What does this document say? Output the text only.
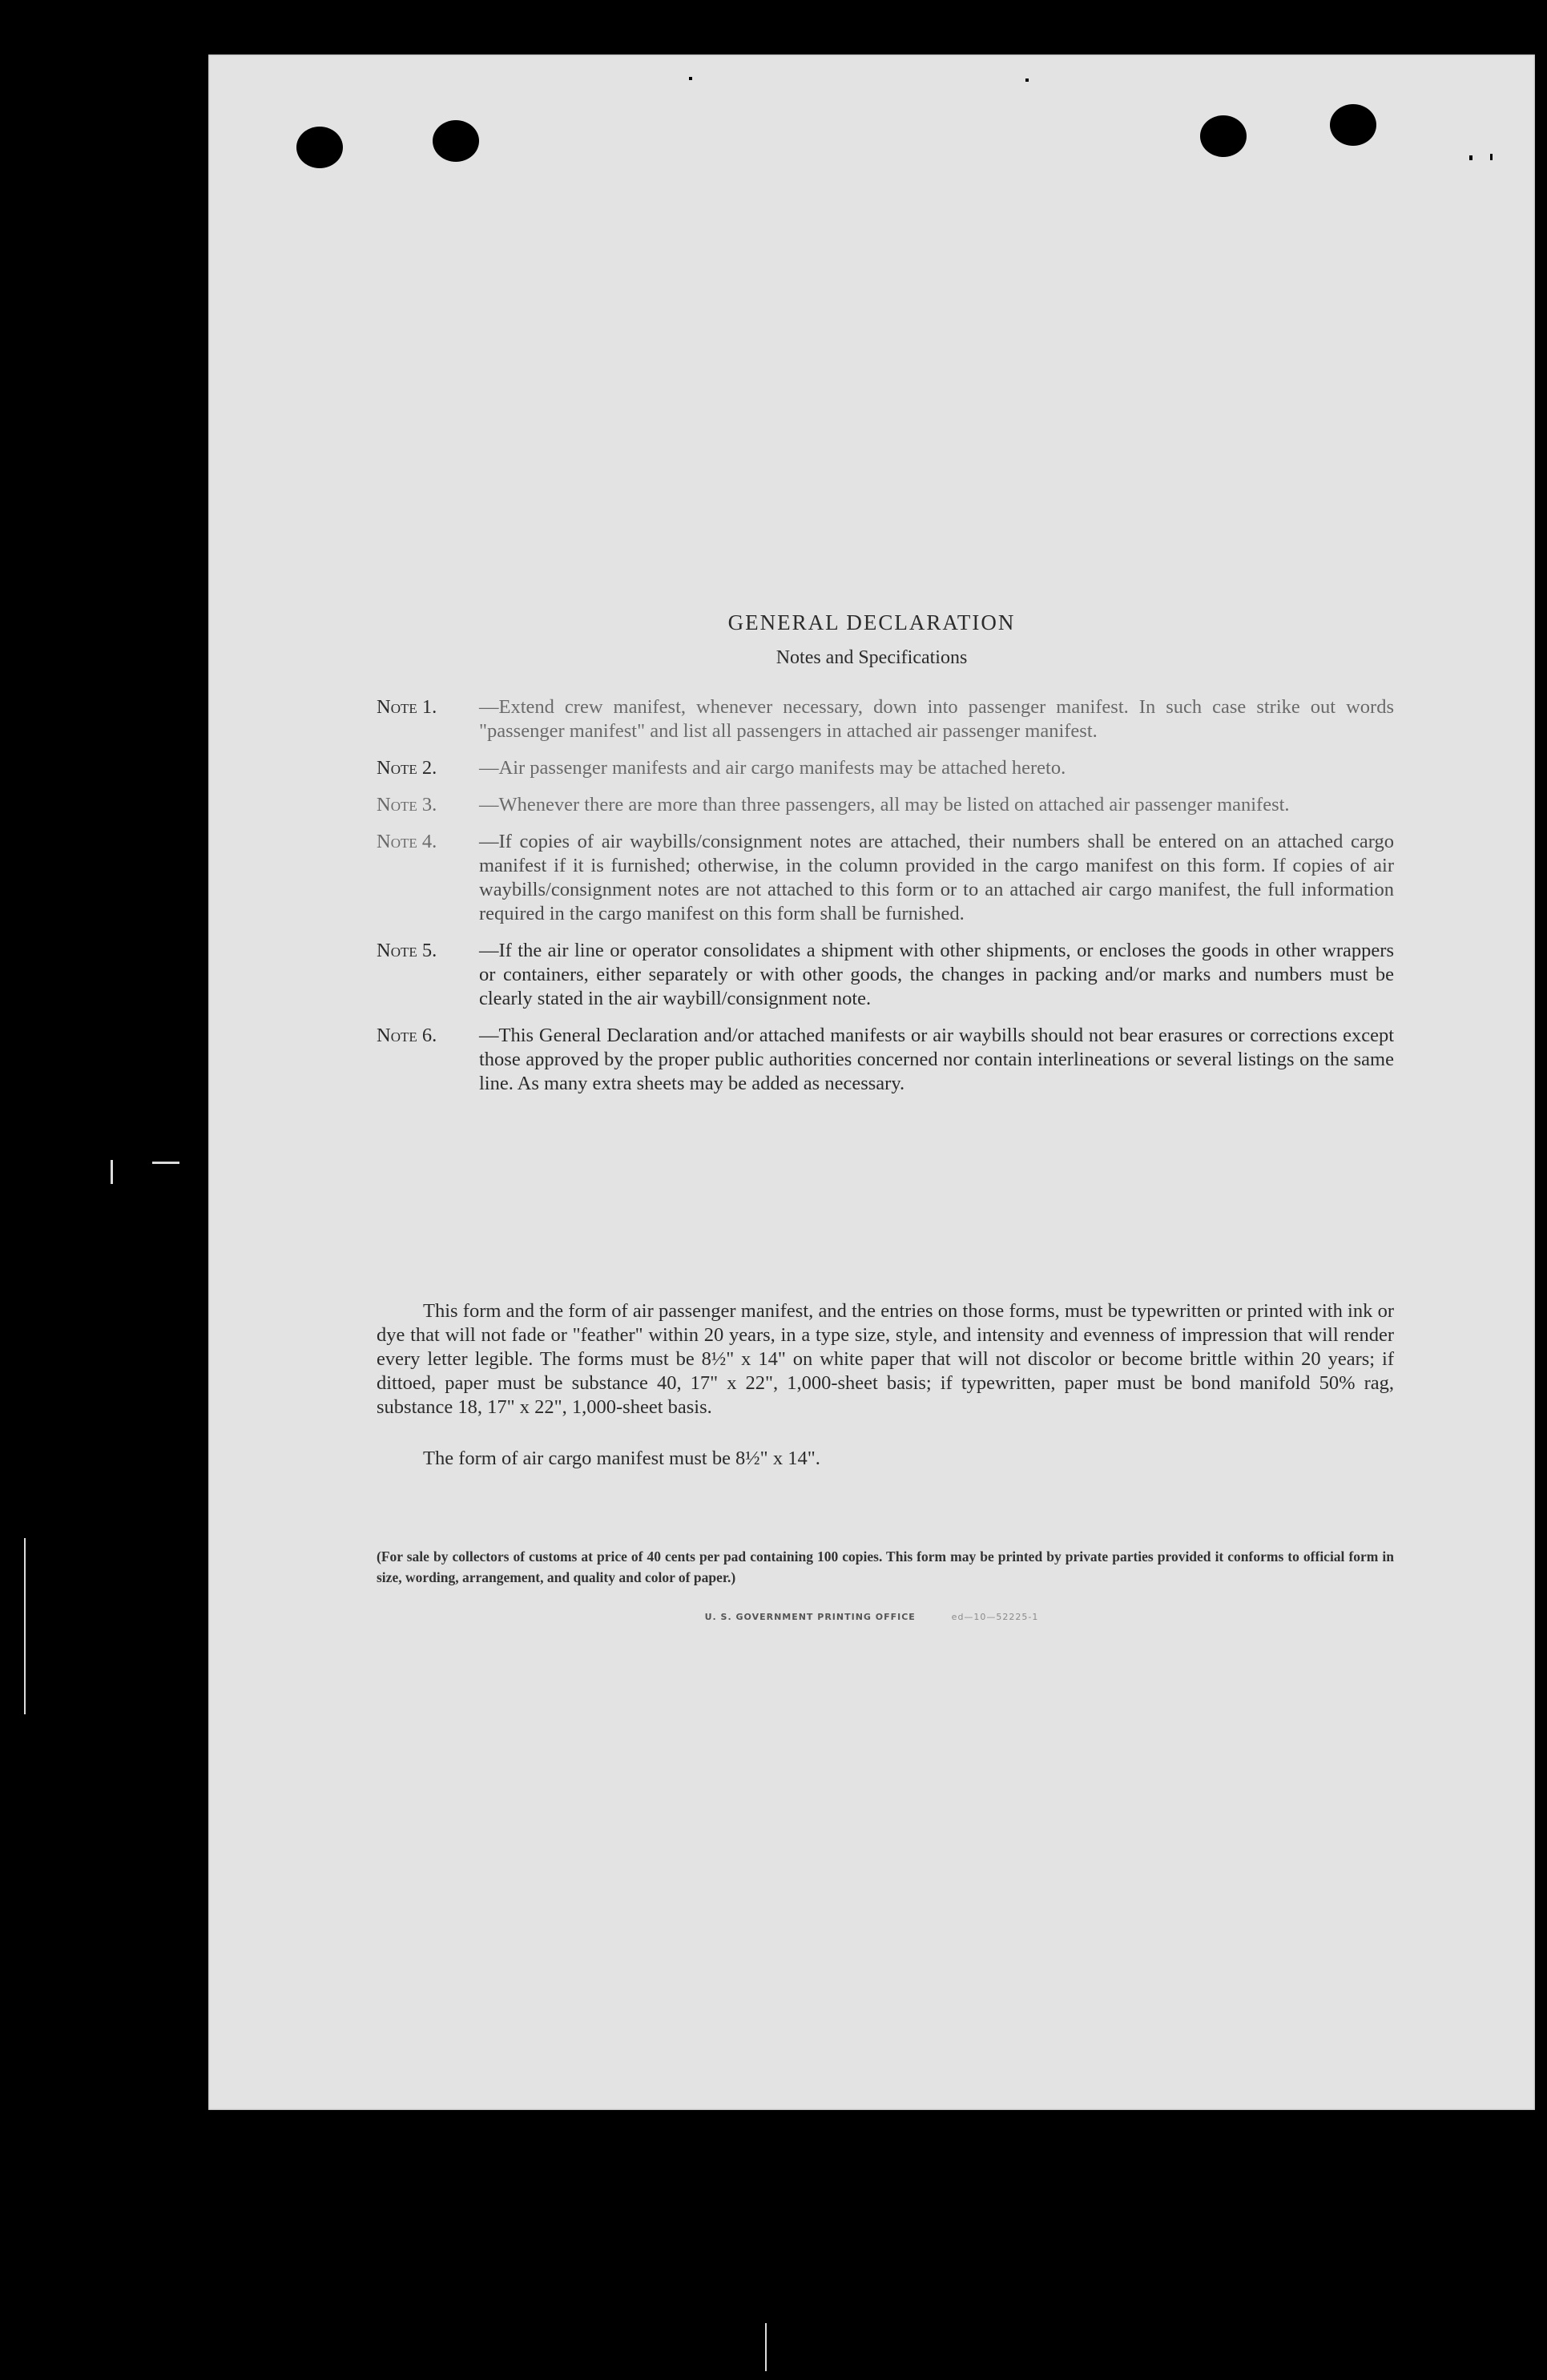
GENERAL DECLARATION
Notes and Specifications
Note 1.	—Extend crew manifest, whenever necessary, down into passenger manifest. In such case strike out words "passenger manifest" and list all passengers in attached air passenger manifest.
Note 2.	—Air passenger manifests and air cargo manifests may be attached hereto.
Note 3.	—Whenever there are more than three passengers, all may be listed on attached air passenger manifest.
Note 4.	—If copies of air waybills/consignment notes are attached, their numbers shall be entered on an attached cargo manifest if it is furnished; otherwise, in the column provided in the cargo manifest on this form. If copies of air waybills/consignment notes are not attached to this form or to an attached air cargo manifest, the full information required in the cargo manifest on this form shall be furnished.
Note 5.	—If the air line or operator consolidates a shipment with other shipments, or encloses the goods in other wrappers or containers, either separately or with other goods, the changes in packing and/or marks and numbers must be clearly stated in the air waybill/consignment note.
Note 6.	—This General Declaration and/or attached manifests or air waybills should not bear erasures or corrections except those approved by the proper public authorities concerned nor contain interlineations or several listings on the same line. As many extra sheets may be added as necessary.
This form and the form of air passenger manifest, and the entries on those forms, must be typewritten or printed with ink or dye that will not fade or "feather" within 20 years, in a type size, style, and intensity and evenness of impression that will render every letter legible. The forms must be 8½" x 14" on white paper that will not discolor or become brittle within 20 years; if dittoed, paper must be substance 40, 17" x 22", 1,000-sheet basis; if typewritten, paper must be bond manifold 50% rag, substance 18, 17" x 22", 1,000-sheet basis.
The form of air cargo manifest must be 8½" x 14".
(For sale by collectors of customs at price of 40 cents per pad containing 100 copies. This form may be printed by private parties provided it conforms to official form in size, wording, arrangement, and quality and color of paper.)
U. S. GOVERNMENT PRINTING OFFICE	ed—10—52225-1
